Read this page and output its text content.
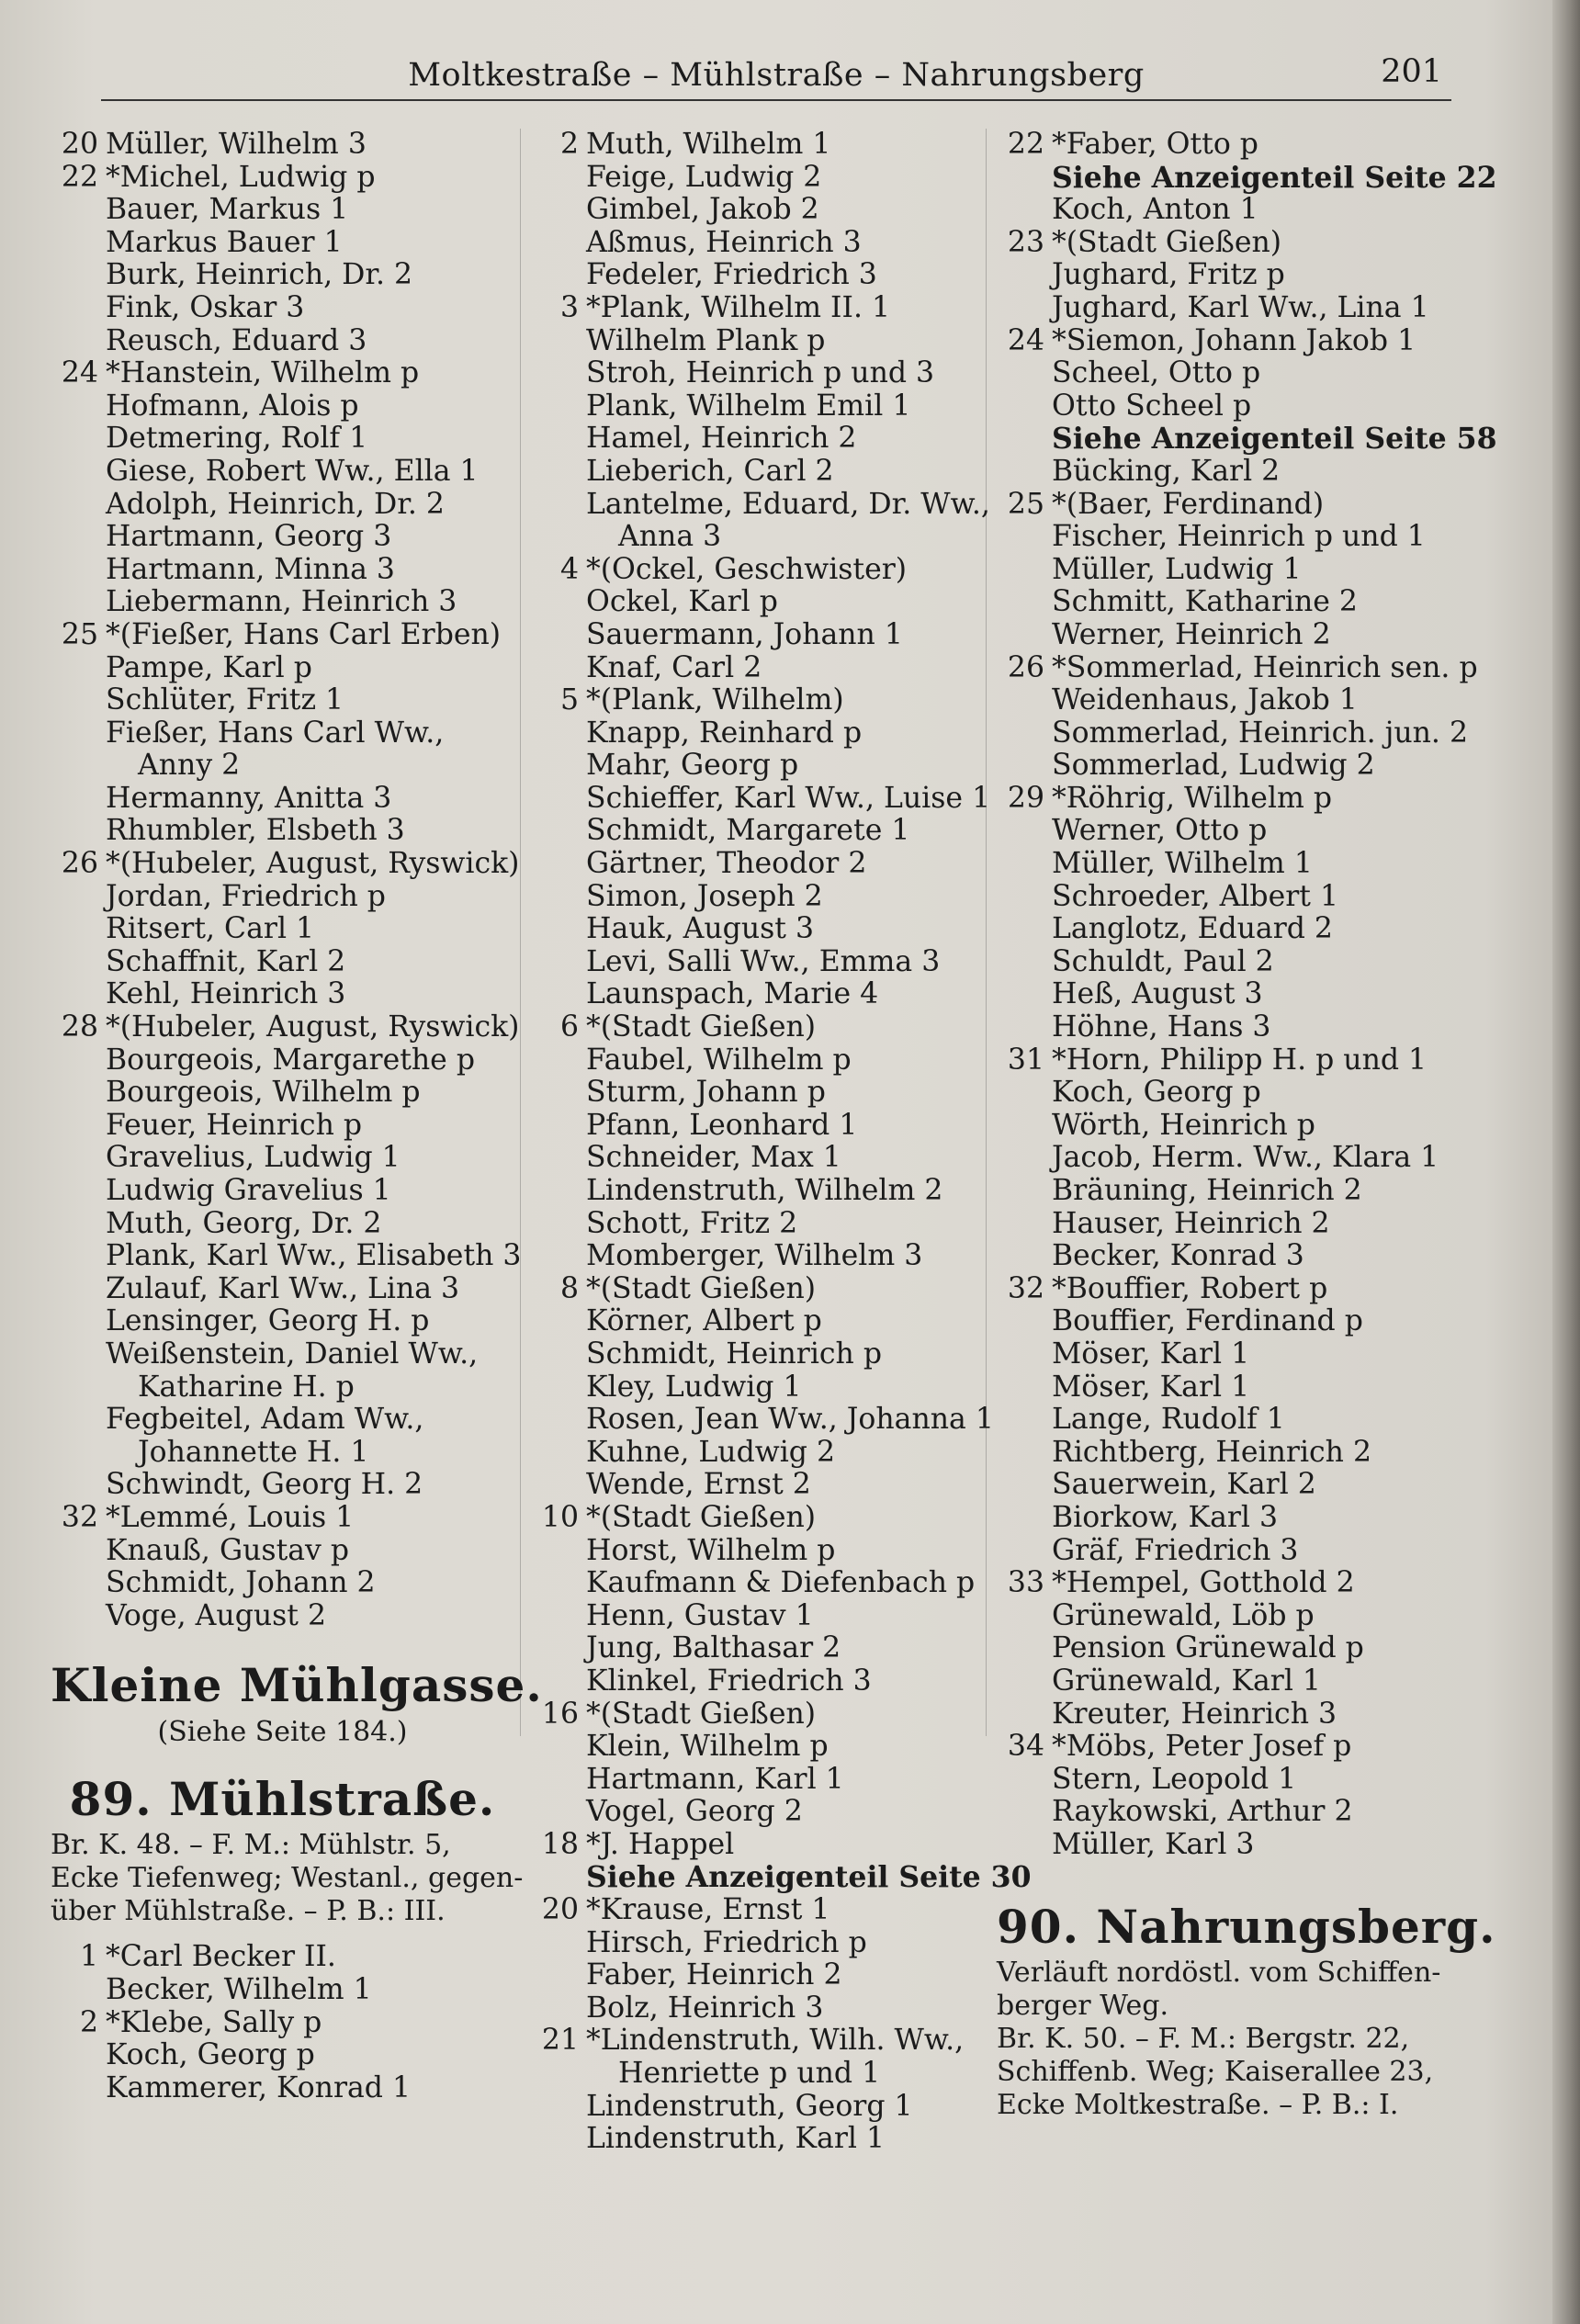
Moltkestraße – Mühlstraße – Nahrungsberg	201
20 Müller, Wilhelm 3
22 *Michel, Ludwig p
Bauer, Markus 1
Markus Bauer 1
Burk, Heinrich, Dr. 2
Fink, Oskar 3
Reusch, Eduard 3
24 *Hanstein, Wilhelm p
Hofmann, Alois p
Detmering, Rolf 1
Giese, Robert Ww., Ella 1
Adolph, Heinrich, Dr. 2
Hartmann, Georg 3
Hartmann, Minna 3
Liebermann, Heinrich 3
25 *(Fießer, Hans Carl Erben)
Pampe, Karl p
Schlüter, Fritz 1
Fießer, Hans Carl Ww.,
Anny 2
Hermanny, Anitta 3
Rhumbler, Elsbeth 3
26 *(Hubeler, August, Ryswick)
Jordan, Friedrich p
Ritsert, Carl 1
Schaffnit, Karl 2
Kehl, Heinrich 3
28 *(Hubeler, August, Ryswick)
Bourgeois, Margarethe p
Bourgeois, Wilhelm p
Feuer, Heinrich p
Gravelius, Ludwig 1
Ludwig Gravelius 1
Muth, Georg, Dr. 2
Plank, Karl Ww., Elisabeth 3
Zulauf, Karl Ww., Lina 3
Lensinger, Georg H. p
Weißenstein, Daniel Ww.,
Katharine H. p
Fegbeitel, Adam Ww.,
Johannette H. 1
Schwindt, Georg H. 2
32 *Lemmé, Louis 1
Knauß, Gustav p
Schmidt, Johann 2
Voge, August 2
Kleine Mühlgasse.
(Siehe Seite 184.)
89. Mühlstraße.
Br. K. 48. – F. M.: Mühlstr. 5,
Ecke Tiefenweg; Westanl., gegen-
über Mühlstraße. – P. B.: III.
1 *Carl Becker II.
Becker, Wilhelm 1
2 *Klebe, Sally p
Koch, Georg p
Kammerer, Konrad 1
2 Muth, Wilhelm 1
Feige, Ludwig 2
Gimbel, Jakob 2
Aßmus, Heinrich 3
Fedeler, Friedrich 3
3 *Plank, Wilhelm II. 1
Wilhelm Plank p
Stroh, Heinrich p und 3
Plank, Wilhelm Emil 1
Hamel, Heinrich 2
Lieberich, Carl 2
Lantelme, Eduard, Dr. Ww.,
Anna 3
4 *(Ockel, Geschwister)
Ockel, Karl p
Sauermann, Johann 1
Knaf, Carl 2
5 *(Plank, Wilhelm)
Knapp, Reinhard p
Mahr, Georg p
Schieffer, Karl Ww., Luise 1
Schmidt, Margarete 1
Gärtner, Theodor 2
Simon, Joseph 2
Hauk, August 3
Levi, Salli Ww., Emma 3
Launspach, Marie 4
6 *(Stadt Gießen)
Faubel, Wilhelm p
Sturm, Johann p
Pfann, Leonhard 1
Schneider, Max 1
Lindenstruth, Wilhelm 2
Schott, Fritz 2
Momberger, Wilhelm 3
8 *(Stadt Gießen)
Körner, Albert p
Schmidt, Heinrich p
Kley, Ludwig 1
Rosen, Jean Ww., Johanna 1
Kuhne, Ludwig 2
Wende, Ernst 2
10 *(Stadt Gießen)
Horst, Wilhelm p
Kaufmann & Diefenbach p
Henn, Gustav 1
Jung, Balthasar 2
Klinkel, Friedrich 3
16 *(Stadt Gießen)
Klein, Wilhelm p
Hartmann, Karl 1
Vogel, Georg 2
18 *J. Happel
Siehe Anzeigenteil Seite 30
20 *Krause, Ernst 1
Hirsch, Friedrich p
Faber, Heinrich 2
Bolz, Heinrich 3
21 *Lindenstruth, Wilh. Ww.,
Henriette p und 1
Lindenstruth, Georg 1
Lindenstruth, Karl 1
22 *Faber, Otto p
Siehe Anzeigenteil Seite 22
Koch, Anton 1
23 *(Stadt Gießen)
Jughard, Fritz p
Jughard, Karl Ww., Lina 1
24 *Siemon, Johann Jakob 1
Scheel, Otto p
Otto Scheel p
Siehe Anzeigenteil Seite 58
Bücking, Karl 2
25 *(Baer, Ferdinand)
Fischer, Heinrich p und 1
Müller, Ludwig 1
Schmitt, Katharine 2
Werner, Heinrich 2
26 *Sommerlad, Heinrich sen. p
Weidenhaus, Jakob 1
Sommerlad, Heinrich. jun. 2
Sommerlad, Ludwig 2
29 *Röhrig, Wilhelm p
Werner, Otto p
Müller, Wilhelm 1
Schroeder, Albert 1
Langlotz, Eduard 2
Schuldt, Paul 2
Heß, August 3
Höhne, Hans 3
31 *Horn, Philipp H. p und 1
Koch, Georg p
Wörth, Heinrich p
Jacob, Herm. Ww., Klara 1
Bräuning, Heinrich 2
Hauser, Heinrich 2
Becker, Konrad 3
32 *Bouffier, Robert p
Bouffier, Ferdinand p
Möser, Karl 1
Möser, Karl 1
Lange, Rudolf 1
Richtberg, Heinrich 2
Sauerwein, Karl 2
Biorkow, Karl 3
Gräf, Friedrich 3
33 *Hempel, Gotthold 2
Grünewald, Löb p
Pension Grünewald p
Grünewald, Karl 1
Kreuter, Heinrich 3
34 *Möbs, Peter Josef p
Stern, Leopold 1
Raykowski, Arthur 2
Müller, Karl 3
90. Nahrungsberg.
Verläuft nordöstl. vom Schiffen-
berger Weg.
Br. K. 50. – F. M.: Bergstr. 22,
Schiffenb. Weg; Kaiserallee 23,
Ecke Moltkestraße. – P. B.: I.
